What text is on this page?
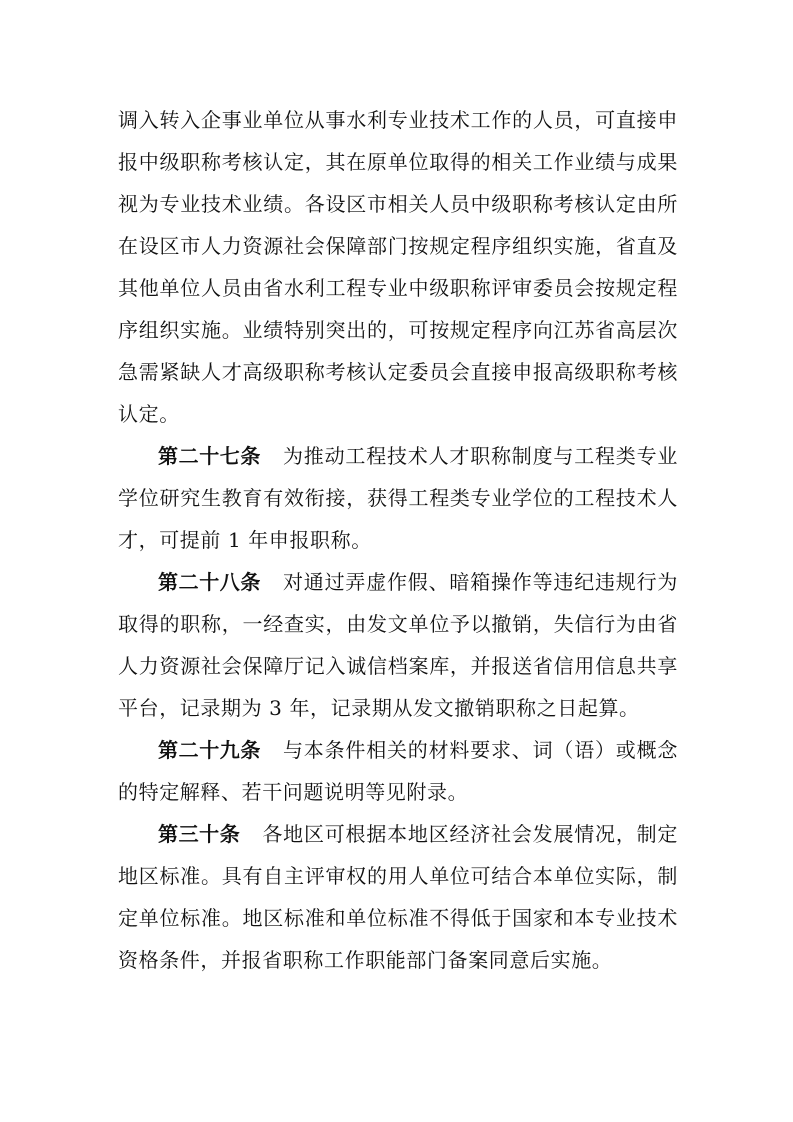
调入转入企事业单位从事水利专业技术工作的人员，可直接申报中级职称考核认定，其在原单位取得的相关工作业绩与成果视为专业技术业绩。各设区市相关人员中级职称考核认定由所在设区市人力资源社会保障部门按规定程序组织实施，省直及其他单位人员由省水利工程专业中级职称评审委员会按规定程序组织实施。业绩特别突出的，可按规定程序向江苏省高层次急需紧缺人才高级职称考核认定委员会直接申报高级职称考核认定。

第二十七条 为推动工程技术人才职称制度与工程类专业学位研究生教育有效衔接，获得工程类专业学位的工程技术人才，可提前 1 年申报职称。

第二十八条 对通过弄虚作假、暗箱操作等违纪违规行为取得的职称，一经查实，由发文单位予以撤销，失信行为由省人力资源社会保障厅记入诚信档案库，并报送省信用信息共享平台，记录期为 3 年，记录期从发文撤销职称之日起算。

第二十九条 与本条件相关的材料要求、词（语）或概念的特定解释、若干问题说明等见附录。

第三十条 各地区可根据本地区经济社会发展情况，制定地区标准。具有自主评审权的用人单位可结合本单位实际，制定单位标准。地区标准和单位标准不得低于国家和本专业技术资格条件，并报省职称工作职能部门备案同意后实施。
